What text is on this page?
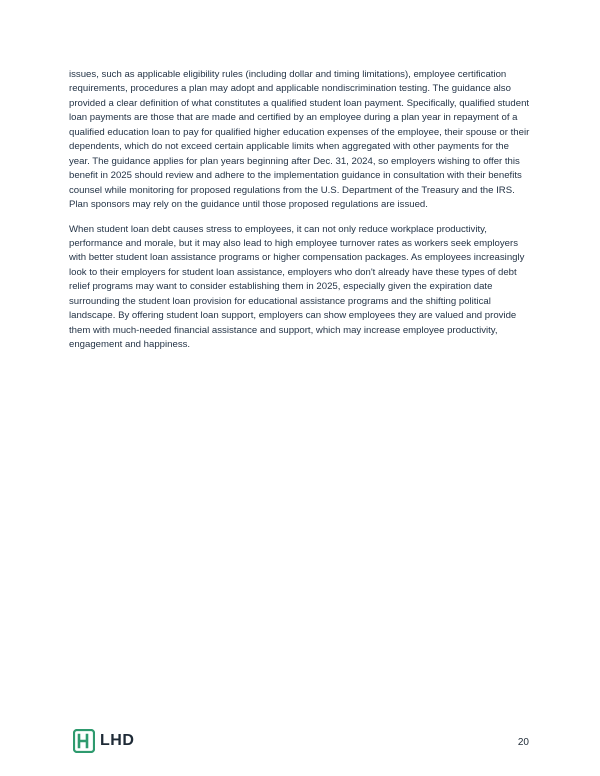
issues, such as applicable eligibility rules (including dollar and timing limitations), employee certification requirements, procedures a plan may adopt and applicable nondiscrimination testing. The guidance also provided a clear definition of what constitutes a qualified student loan payment. Specifically, qualified student loan payments are those that are made and certified by an employee during a plan year in repayment of a qualified education loan to pay for qualified higher education expenses of the employee, their spouse or their dependents, which do not exceed certain applicable limits when aggregated with other payments for the year. The guidance applies for plan years beginning after Dec. 31, 2024, so employers wishing to offer this benefit in 2025 should review and adhere to the implementation guidance in consultation with their benefits counsel while monitoring for proposed regulations from the U.S. Department of the Treasury and the IRS. Plan sponsors may rely on the guidance until those proposed regulations are issued.

When student loan debt causes stress to employees, it can not only reduce workplace productivity, performance and morale, but it may also lead to high employee turnover rates as workers seek employers with better student loan assistance programs or higher compensation packages. As employees increasingly look to their employers for student loan assistance, employers who don't already have these types of debt relief programs may want to consider establishing them in 2025, especially given the expiration date surrounding the student loan provision for educational assistance programs and the shifting political landscape. By offering student loan support, employers can show employees they are valued and provide them with much-needed financial assistance and support, which may increase employee productivity, engagement and happiness.

LHD	20
